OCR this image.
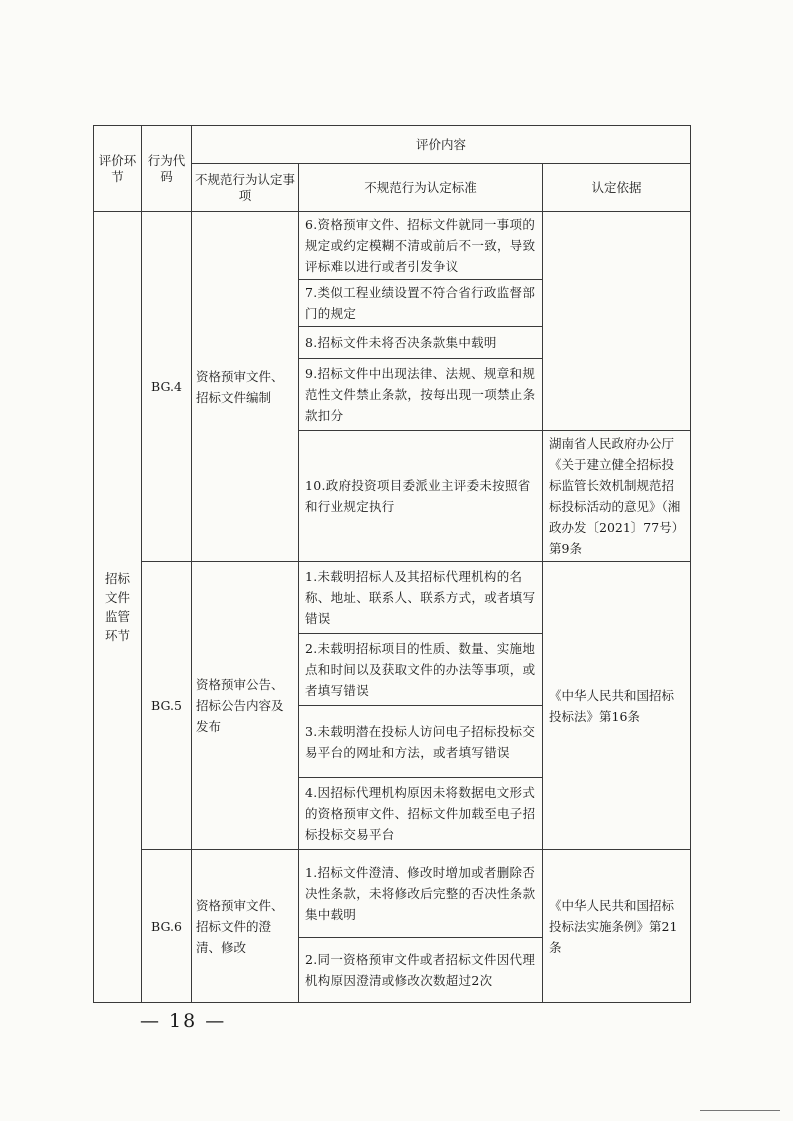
评价环节	行为代码	评价内容		
		不规范行为认定事项	不规范行为认定标准	认定依据
招标文件监管环节	BG.4	资格预审文件、招标文件编制	6.资格预审文件、招标文件就同一事项的规定或约定模糊不清或前后不一致，导致评标难以进行或者引发争议	
			7.类似工程业绩设置不符合省行政监督部门的规定	
			8.招标文件未将否决条款集中载明	
			9.招标文件中出现法律、法规、规章和规范性文件禁止条款，按每出现一项禁止条款扣分	
			10.政府投资项目委派业主评委未按照省和行业规定执行	湖南省人民政府办公厅《关于建立健全招标投标监管长效机制规范招标投标活动的意见》（湘政办发〔2021〕77号）第9条
	BG.5	资格预审公告、招标公告内容及发布	1.未载明招标人及其招标代理机构的名称、地址、联系人、联系方式，或者填写错误	《中华人民共和国招标投标法》第16条
			2.未载明招标项目的性质、数量、实施地点和时间以及获取文件的办法等事项，或者填写错误	
			3.未载明潜在投标人访问电子招标投标交易平台的网址和方法，或者填写错误	
			4.因招标代理机构原因未将数据电文形式的资格预审文件、招标文件加载至电子招标投标交易平台	
	BG.6	资格预审文件、招标文件的澄清、修改	1.招标文件澄清、修改时增加或者删除否决性条款，未将修改后完整的否决性条款集中载明	《中华人民共和国招标投标法实施条例》第21条
			2.同一资格预审文件或者招标文件因代理机构原因澄清或修改次数超过2次	
— 18 —
